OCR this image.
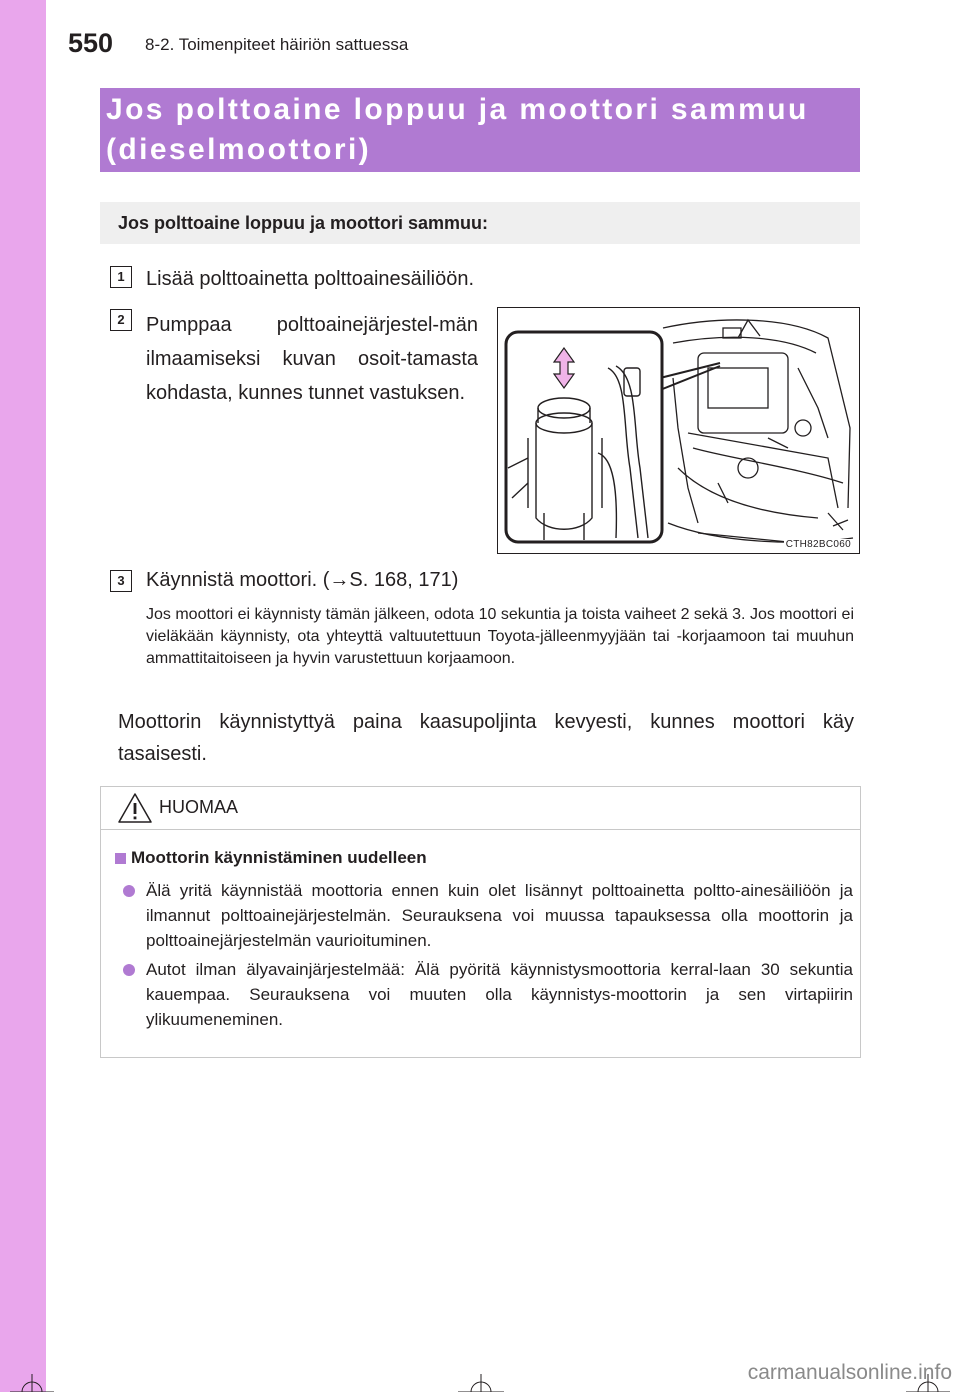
550 8-2. Toimenpiteet häiriön sattuessa
Jos polttoaine loppuu ja moottori sammuu
(dieselmoottori)
Jos polttoaine loppuu ja moottori sammuu:
1	Lisää polttoainetta polttoainesäiliöön.
2	Pumppaa polttoainejärjestel-män ilmaamiseksi kuvan osoit-tamasta kohdasta, kunnes tunnet vastuksen.
CTH82BC060
3	Käynnistä moottori. ( → S. 168, 171)
Jos moottori ei käynnisty tämän jälkeen, odota 10 sekuntia ja toista vaiheet 2 sekä 3. Jos moottori ei vieläkään käynnisty, ota yhteyttä valtuutettuun Toyota-jälleenmyyjään tai -korjaamoon tai muuhun ammattitaitoiseen ja hyvin varustettuun korjaamoon.
Moottorin käynnistyttyä paina kaasupoljinta kevyesti, kunnes moottori käy tasaisesti.
HUOMAA
Moottorin käynnistäminen uudelleen
Älä yritä käynnistää moottoria ennen kuin olet lisännyt polttoainetta poltto-ainesäiliöön ja ilmannut polttoainejärjestelmän. Seurauksena voi muussa tapauksessa olla moottorin ja polttoainejärjestelmän vaurioituminen.
Autot ilman älyavainjärjestelmää: Älä pyöritä käynnistysmoottoria kerral-laan 30 sekuntia kauempaa. Seurauksena voi muuten olla käynnistys-moottorin ja sen virtapiirin ylikuumeneminen.
carmanualsonline.info
